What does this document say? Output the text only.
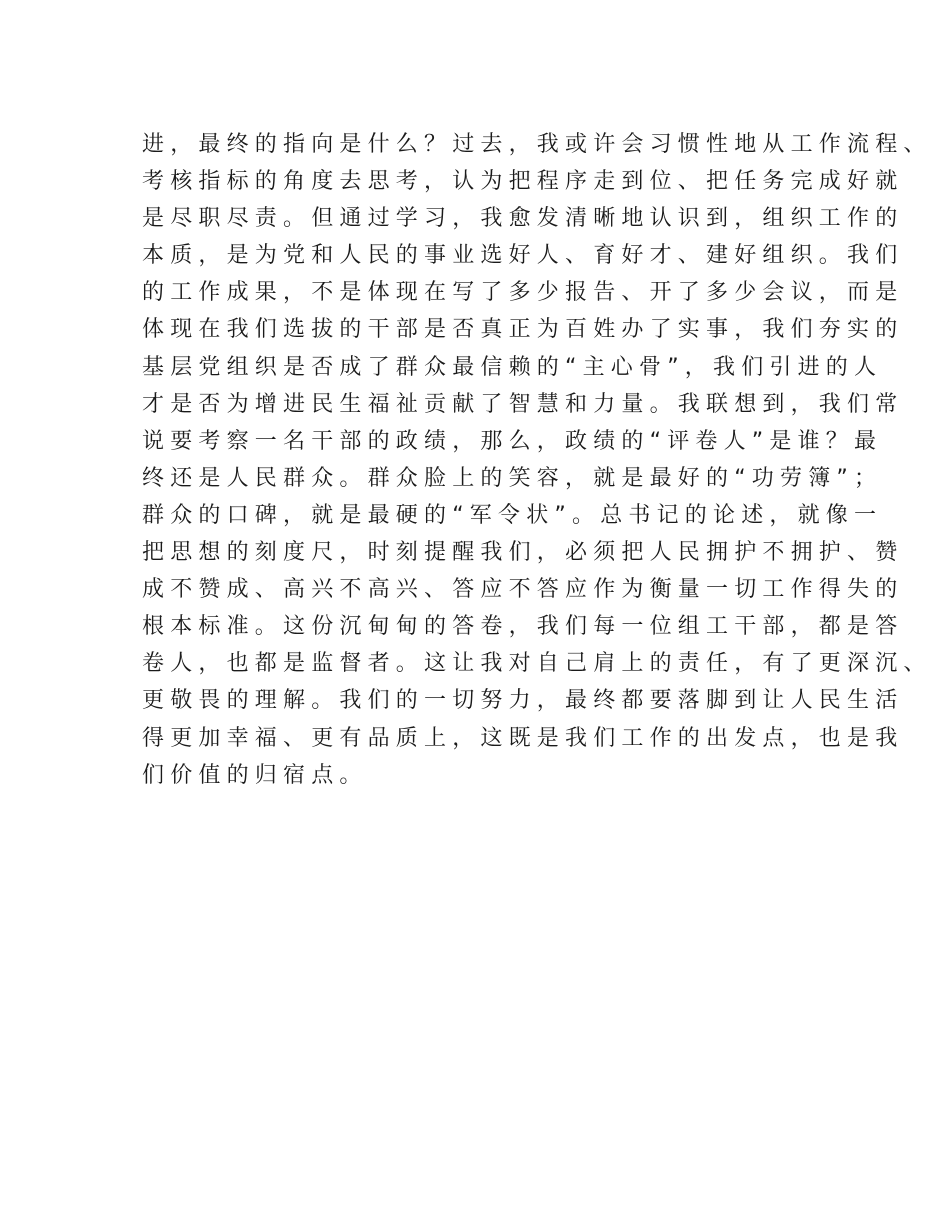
进，最终的指向是什么？过去，我或许会习惯性地从工作流程、
考核指标的角度去思考，认为把程序走到位、把任务完成好就
是尽职尽责。但通过学习，我愈发清晰地认识到，组织工作的
本质，是为党和人民的事业选好人、育好才、建好组织。我们
的工作成果，不是体现在写了多少报告、开了多少会议，而是
体现在我们选拔的干部是否真正为百姓办了实事，我们夯实的
基层党组织是否成了群众最信赖的“主心骨”，我们引进的人
才是否为增进民生福祉贡献了智慧和力量。我联想到，我们常
说要考察一名干部的政绩，那么，政绩的“评卷人”是谁？最
终还是人民群众。群众脸上的笑容，就是最好的“功劳簿”；
群众的口碑，就是最硬的“军令状”。总书记的论述，就像一
把思想的刻度尺，时刻提醒我们，必须把人民拥护不拥护、赞
成不赞成、高兴不高兴、答应不答应作为衡量一切工作得失的
根本标准。这份沉甸甸的答卷，我们每一位组工干部，都是答
卷人，也都是监督者。这让我对自己肩上的责任，有了更深沉、
更敬畏的理解。我们的一切努力，最终都要落脚到让人民生活
得更加幸福、更有品质上，这既是我们工作的出发点，也是我
们价值的归宿点。
